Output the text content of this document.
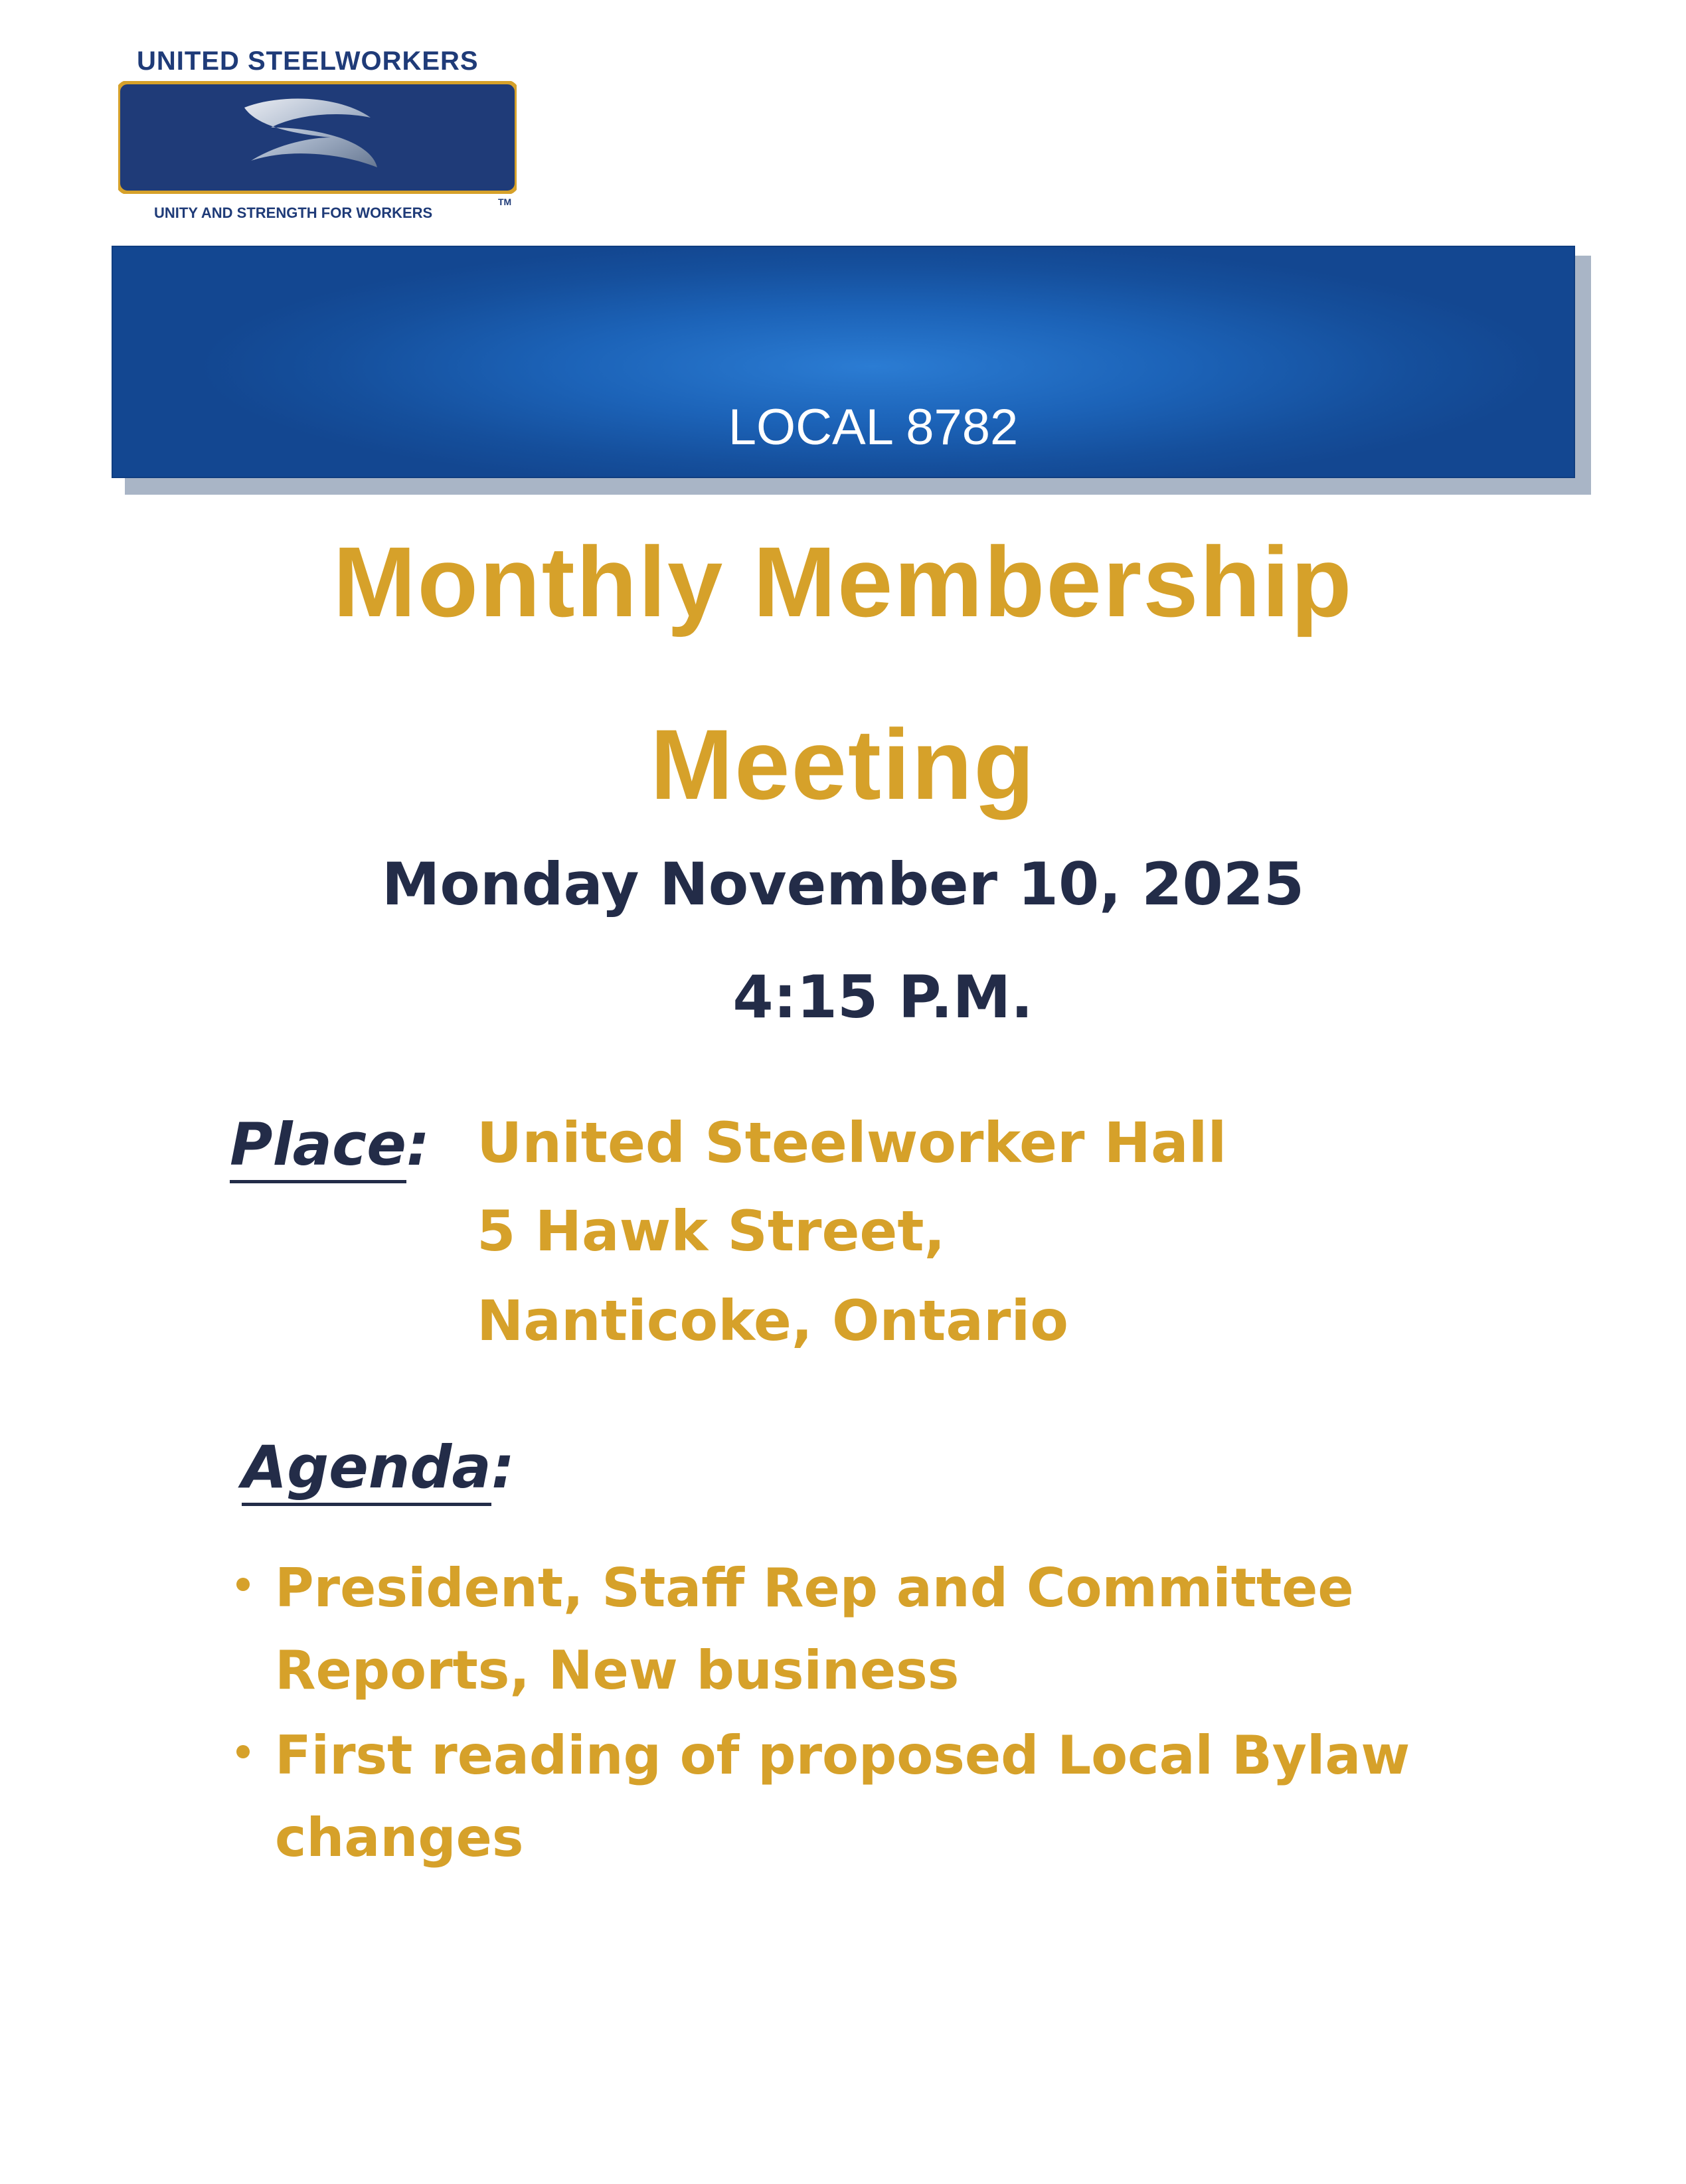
UNITED STEELWORKERS
UNITY AND STRENGTH FOR WORKERS
TM
LOCAL 8782
Monthly Membership
Meeting
Monday November 10, 2025
4:15 P.M.
Place: United Steelworker Hall
5 Hawk Street,
Nanticoke, Ontario
Agenda:
President, Staff Rep and Committee Reports, New business
First reading of proposed Local Bylaw changes
